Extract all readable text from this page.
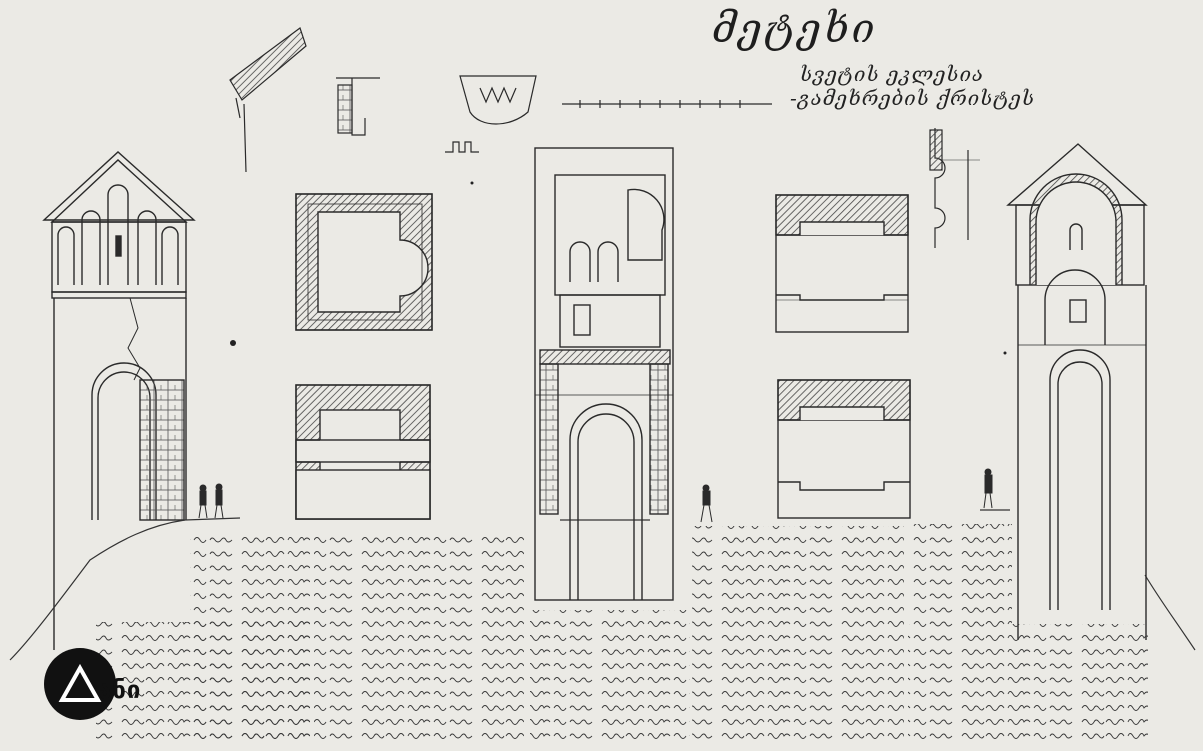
მეტეხი
სვეტის ეკლესია
-გამეხრების ქრისტეს
ანი
